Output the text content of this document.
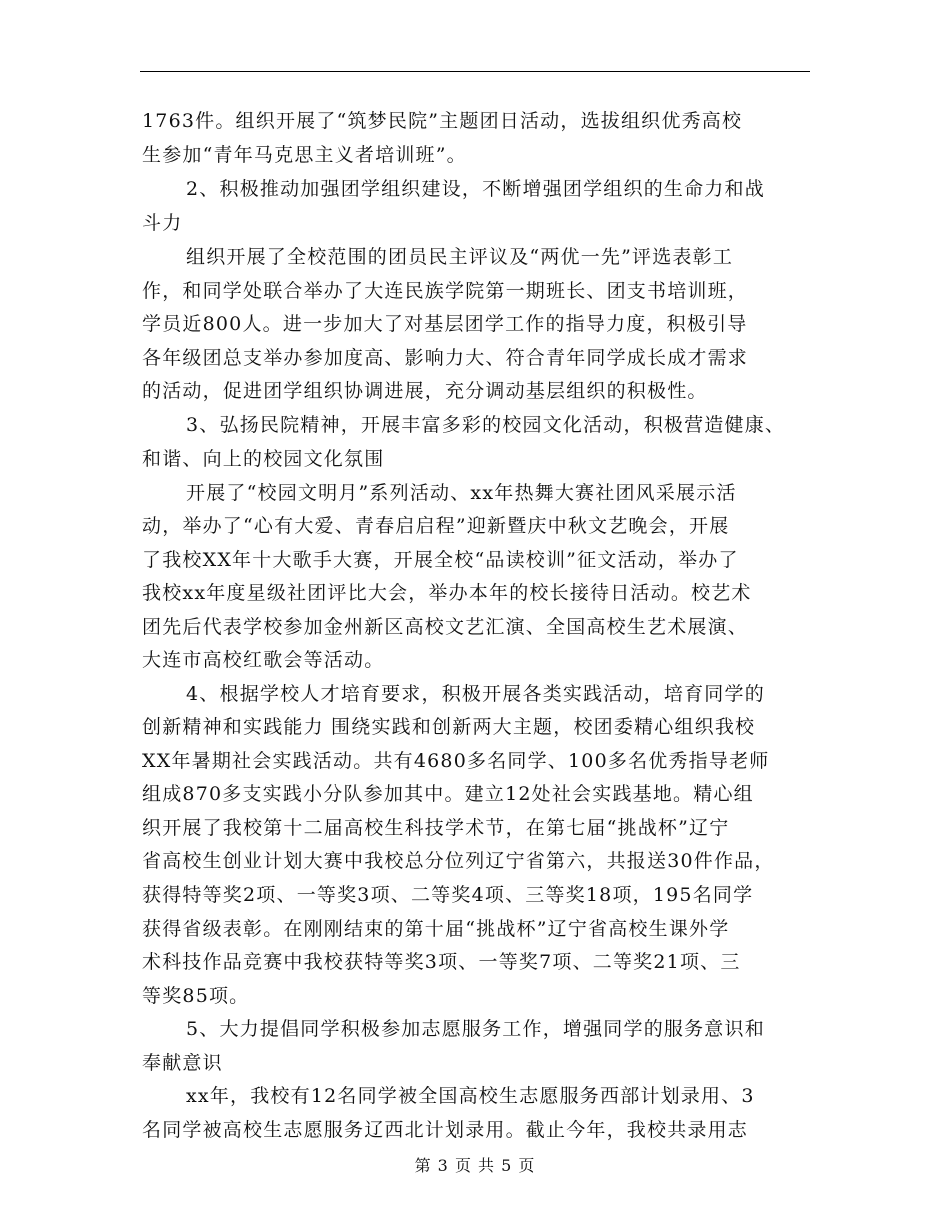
1763件。组织开展了“筑梦民院”主题团日活动，选拔组织优秀高校
生参加“青年马克思主义者培训班”。
2、积极推动加强团学组织建设，不断增强团学组织的生命力和战
斗力
组织开展了全校范围的团员民主评议及“两优一先”评选表彰工
作，和同学处联合举办了大连民族学院第一期班长、团支书培训班，
学员近800人。进一步加大了对基层团学工作的指导力度，积极引导
各年级团总支举办参加度高、影响力大、符合青年同学成长成才需求
的活动，促进团学组织协调进展，充分调动基层组织的积极性。
3、弘扬民院精神，开展丰富多彩的校园文化活动，积极营造健康、
和谐、向上的校园文化氛围
开展了“校园文明月”系列活动、xx年热舞大赛社团风采展示活
动，举办了“心有大爱、青春启启程”迎新暨庆中秋文艺晚会，开展
了我校XX年十大歌手大赛，开展全校“品读校训”征文活动，举办了
我校xx年度星级社团评比大会，举办本年的校长接待日活动。校艺术
团先后代表学校参加金州新区高校文艺汇演、全国高校生艺术展演、
大连市高校红歌会等活动。
4、根据学校人才培育要求，积极开展各类实践活动，培育同学的
创新精神和实践能力 围绕实践和创新两大主题，校团委精心组织我校
XX年暑期社会实践活动。共有4680多名同学、100多名优秀指导老师
组成870多支实践小分队参加其中。建立12处社会实践基地。精心组
织开展了我校第十二届高校生科技学术节，在第七届“挑战杯”辽宁
省高校生创业计划大赛中我校总分位列辽宁省第六，共报送30件作品，
获得特等奖2项、一等奖3项、二等奖4项、三等奖18项，195名同学
获得省级表彰。在刚刚结束的第十届“挑战杯”辽宁省高校生课外学
术科技作品竞赛中我校获特等奖3项、一等奖7项、二等奖21项、三
等奖85项。
5、大力提倡同学积极参加志愿服务工作，增强同学的服务意识和
奉献意识
xx年，我校有12名同学被全国高校生志愿服务西部计划录用、3
名同学被高校生志愿服务辽西北计划录用。截止今年，我校共录用志
第 3 页 共 5 页
